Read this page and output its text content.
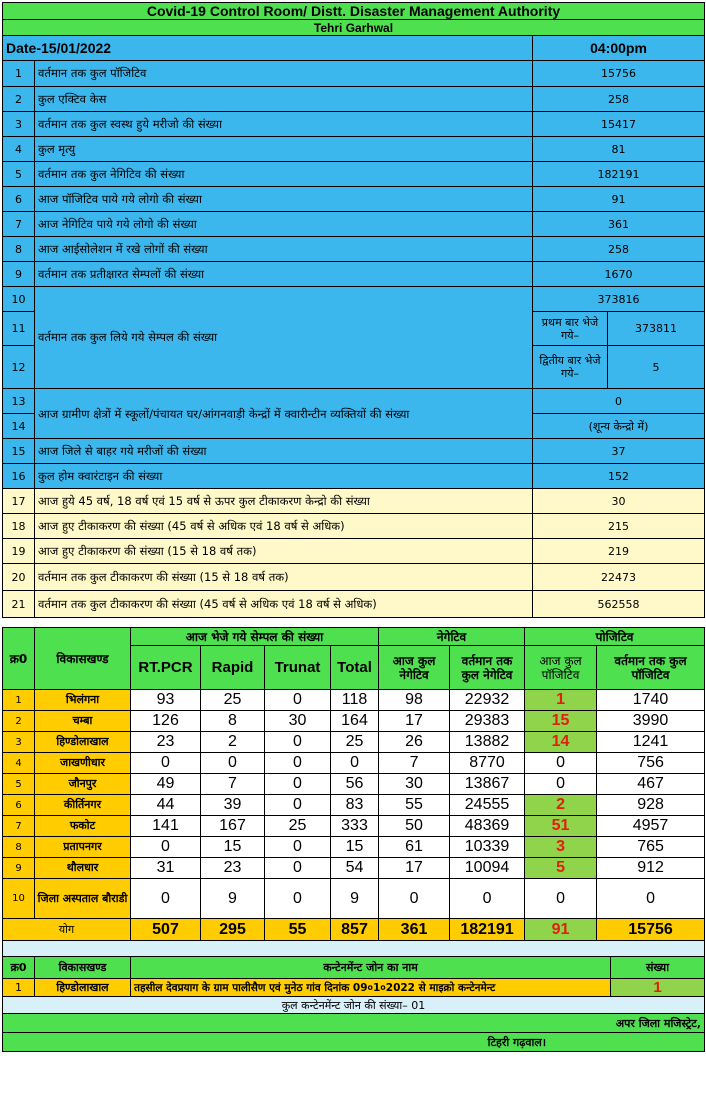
Covid-19 Control Room/ Distt. Disaster Management Authority			
Tehri Garhwal			
Date-15/01/2022		04:00pm	
1	वर्तमान तक कुल पॉजिटिव	15756	
2	कुल एक्टिव केस	258	
3	वर्तमान तक कुल स्वस्थ हुये मरीजो की संख्या	15417	
4	कुल मृत्यु	81	
5	वर्तमान तक कुल नेगिटिव की संख्या	182191	
6	आज पॉजिटिव पाये गये लोगो की संख्या	91	
7	आज नेगिटिव पाये गये लोगो की संख्या	361	
8	आज आईसोलेशन में रखे लोगों की संख्या	258	
9	वर्तमान तक प्रतीक्षारत सेम्पलों की संख्या	1670	
10	वर्तमान तक कुल लिये गये सेम्पल की संख्या	373816	
11		प्रथम बार भेजे गये–	373811
12		द्वितीय बार भेजे गये–	5
13	आज ग्रामीण क्षेत्रों में स्कूलों/पंचायत घर/आंगनवाड़ी केन्द्रों में क्वारीन्टीन व्यक्तियों की संख्या	0	
14		(शून्य केन्द्रो में)	
15	आज जिले से बाहर गये मरीजों की संख्या	37	
16	कुल होम क्वारंटाइन की संख्या	152	
17	आज हुये 45 वर्ष, 18 वर्ष एवं 15 वर्ष से ऊपर कुल टीकाकरण केन्द्रो की संख्या	30	
18	आज हुए टीकाकरण की संख्या (45 वर्ष से अधिक एवं 18 वर्ष से अधिक)	215	
19	आज हुए टीकाकरण की संख्या (15 से 18 वर्ष तक)	219	
20	वर्तमान तक कुल टीकाकरण की संख्या (15 से 18 वर्ष तक)	22473	
21	वर्तमान तक कुल टीकाकरण की संख्या (45 वर्ष से अधिक एवं 18 वर्ष से अधिक)	562558	

क्र0	विकासखण्ड	आज भेजे गये सेम्पल की संख्या				नेगेटिव		पोजिटिव	
		RT.PCR	Rapid	Trunat	Total	आज कुल नेगेटिव	वर्तमान तक कुल नेगेटिव	आज कुल पॉजिटिव	वर्तमान तक कुल पॉजिटिव
1	भिलंगना	93	25	0	118	98	22932	1	1740
2	चम्बा	126	8	30	164	17	29383	15	3990
3	हिण्डोलाखाल	23	2	0	25	26	13882	14	1241
4	जाखणीधार	0	0	0	0	7	8770	0	756
5	जौनपुर	49	7	0	56	30	13867	0	467
6	कीर्तिनगर	44	39	0	83	55	24555	2	928
7	फकोट	141	167	25	333	50	48369	51	4957
8	प्रतापनगर	0	15	0	15	61	10339	3	765
9	थौलधार	31	23	0	54	17	10094	5	912
10	जिला अस्पताल बौराडी	0	9	0	9	0	0	0	0
योग		507	295	55	857	361	182191	91	15756

क्र0	विकासखण्ड	कन्टेनमेंन्ट जोन का नाम	संख्या
1	हिण्डोलाखाल	तहसील देवप्रयाग के ग्राम पालीसैण एवं मुनेठ गांव दिनांक 09०1०2022 से माइक्रो कन्टेनमेन्ट	1
कुल कन्टेनमेंन्ट जोन की संख्या– 01			
अपर जिला मजिस्ट्रेट,			
टिहरी गढ़वाल।			
